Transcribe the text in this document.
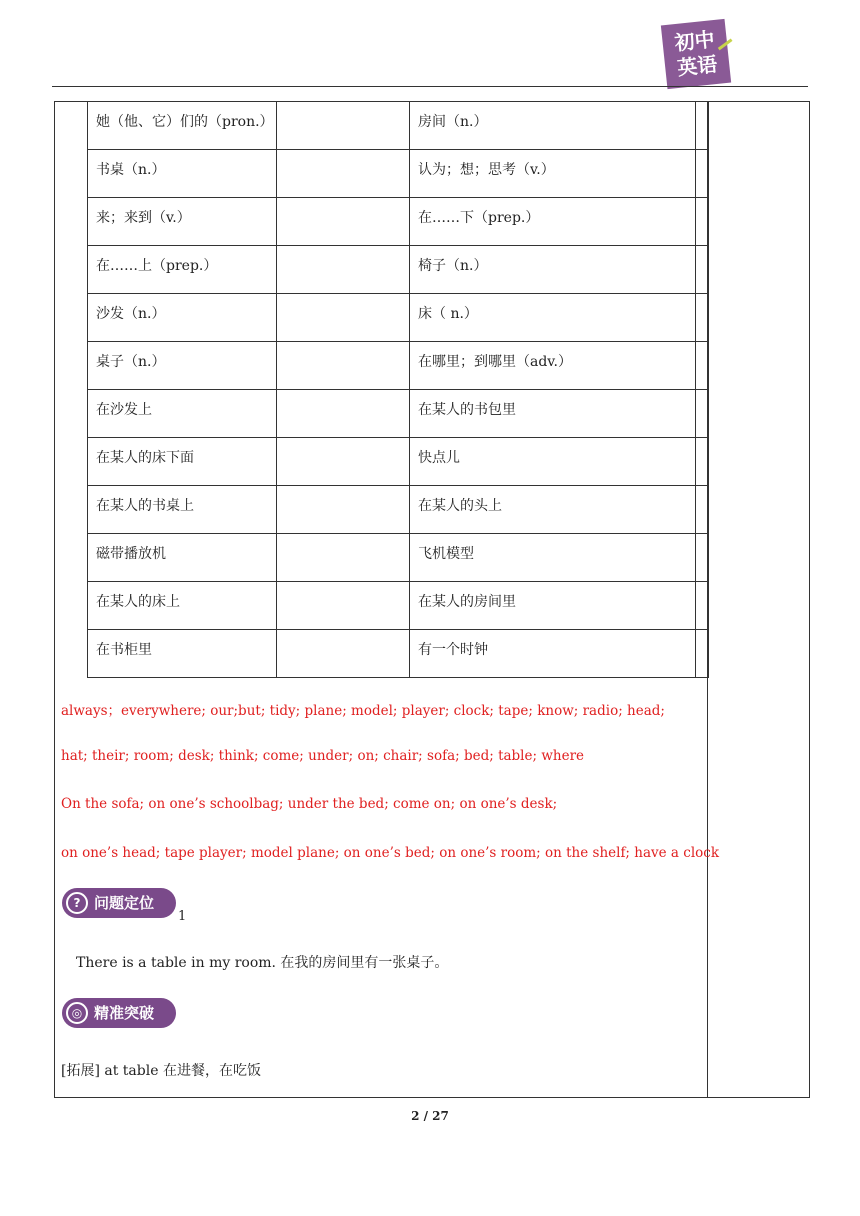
初中
英语
她（他、它）们的（pron.）		房间（n.）	
书桌（n.）		认为；想；思考（v.）	
来；来到（v.）		在……下（prep.）	
在……上（prep.）		椅子（n.）	
沙发（n.）		床（ n.）	
桌子（n.）		在哪里；到哪里（adv.）	
在沙发上		在某人的书包里	
在某人的床下面		快点儿	
在某人的书桌上		在某人的头上	
磁带播放机		飞机模型	
在某人的床上		在某人的房间里	
在书柜里		有一个时钟	
always；everywhere; our;but; tidy; plane; model; player; clock; tape; know; radio; head;
hat; their; room; desk; think; come; under; on; chair; sofa; bed; table; where
On the sofa; on one’s schoolbag; under the bed; come on; on one’s desk;
on one’s head; tape player; model plane; on one’s bed; on one’s room; on the shelf; have a clock
? 问题定位
1
There is a table in my room. 在我的房间里有一张桌子。
◎ 精准突破
[拓展] at table 在进餐，在吃饭
2 / 27
